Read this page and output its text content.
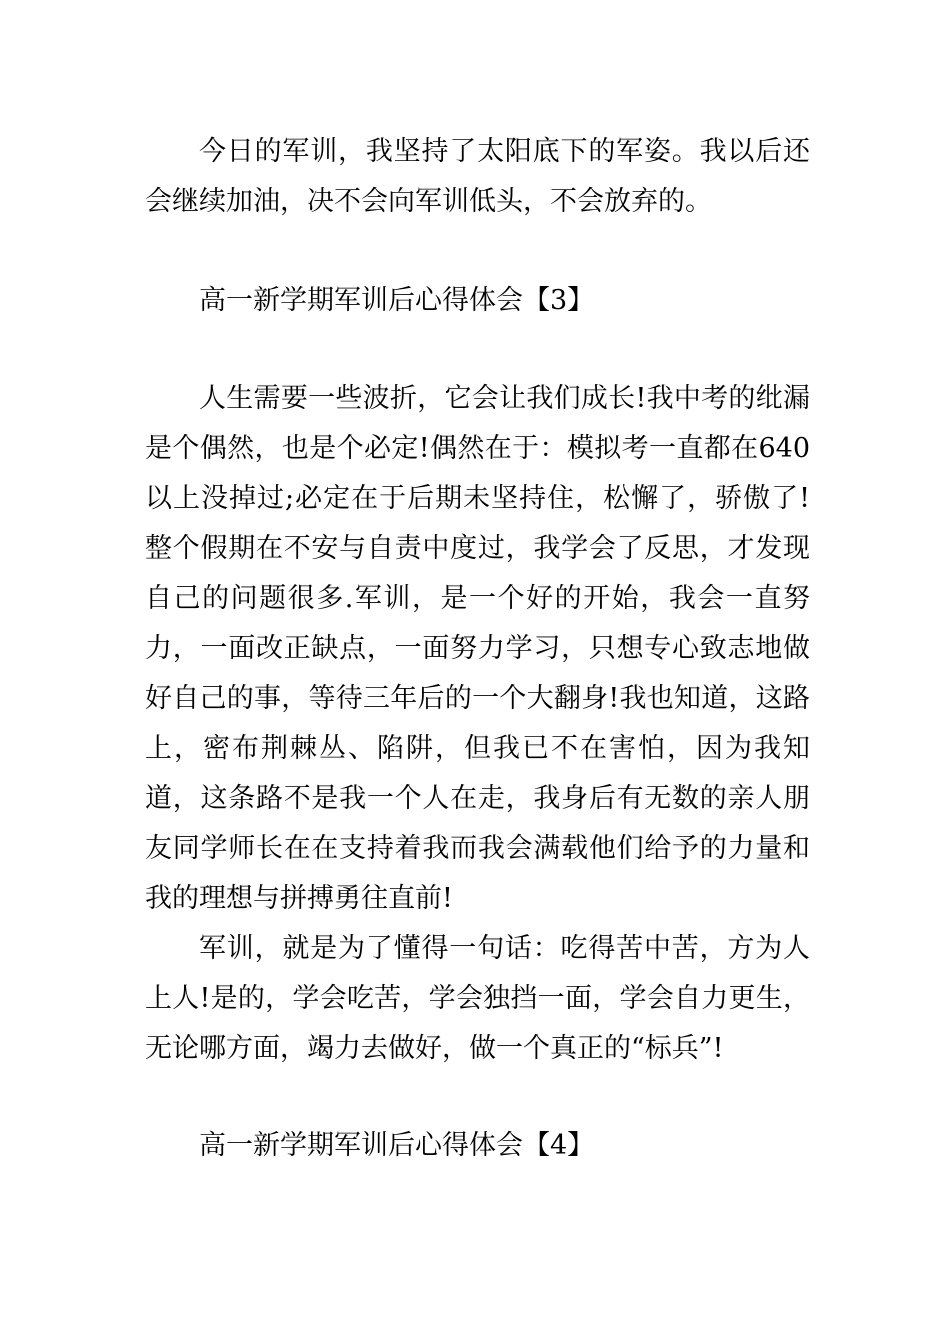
今日的军训，我坚持了太阳底下的军姿。我以后还会继续加油，决不会向军训低头，不会放弃的。

高一新学期军训后心得体会【3】

人生需要一些波折，它会让我们成长!我中考的纰漏是个偶然，也是个必定!偶然在于：模拟考一直都在640以上没掉过;必定在于后期未坚持住，松懈了，骄傲了!整个假期在不安与自责中度过，我学会了反思，才发现自己的问题很多.军训，是一个好的开始，我会一直努力，一面改正缺点，一面努力学习，只想专心致志地做好自己的事，等待三年后的一个大翻身!我也知道，这路上，密布荆棘丛、陷阱，但我已不在害怕，因为我知道，这条路不是我一个人在走，我身后有无数的亲人朋友同学师长在在支持着我而我会满载他们给予的力量和我的理想与拼搏勇往直前!

军训，就是为了懂得一句话：吃得苦中苦，方为人上人!是的，学会吃苦，学会独挡一面，学会自力更生，无论哪方面，竭力去做好，做一个真正的“标兵”!

高一新学期军训后心得体会【4】
